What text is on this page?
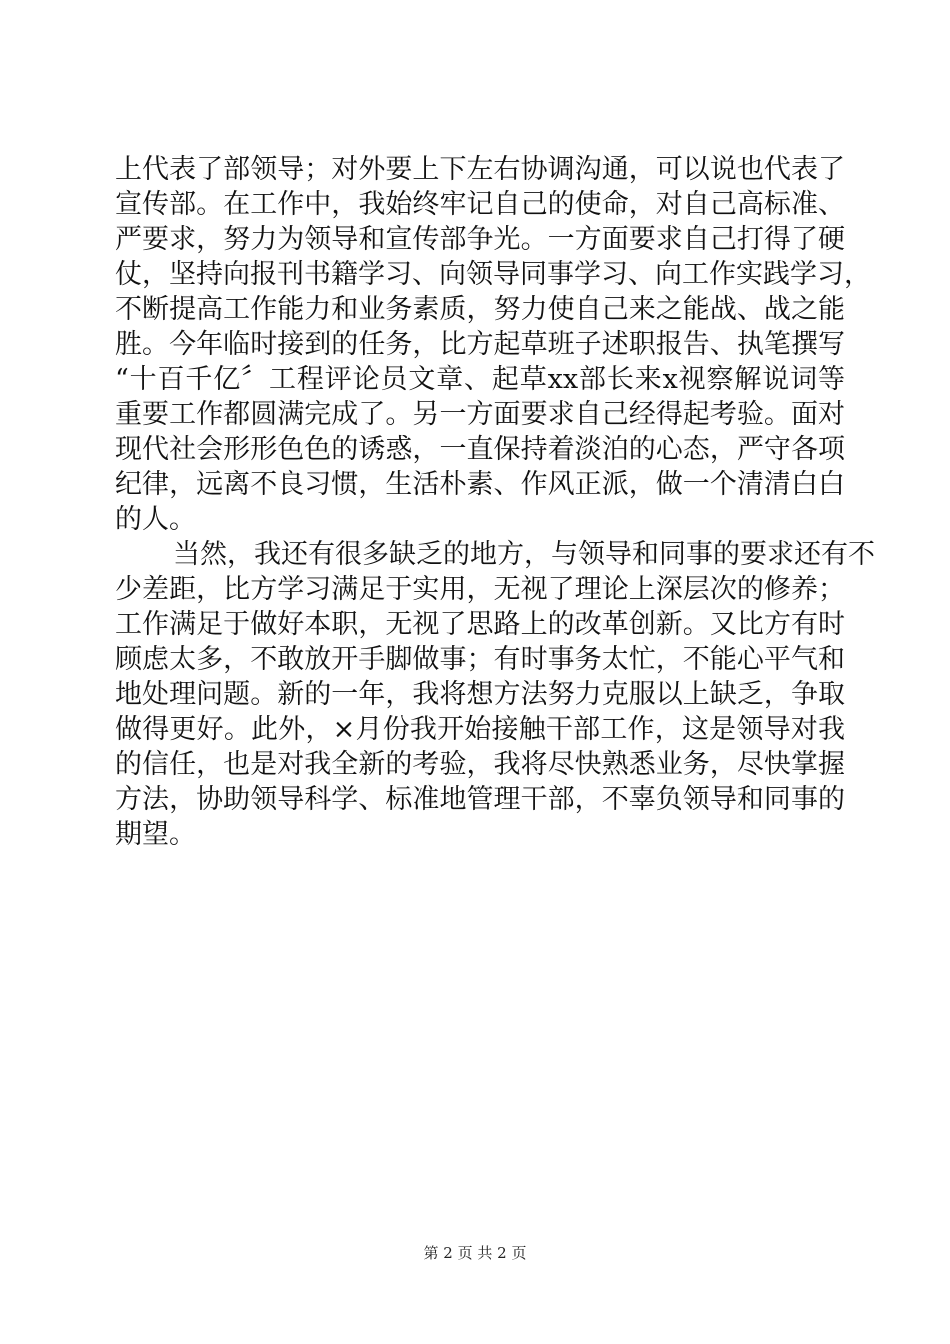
上代表了部领导；对外要上下左右协调沟通，可以说也代表了
宣传部。在工作中，我始终牢记自己的使命，对自己高标准、
严要求，努力为领导和宣传部争光。一方面要求自己打得了硬
仗，坚持向报刊书籍学习、向领导同事学习、向工作实践学习，
不断提高工作能力和业务素质，努力使自己来之能战、战之能
胜。今年临时接到的任务，比方起草班子述职报告、执笔撰写
“十百千亿〞工程评论员文章、起草xx部长来x视察解说词等
重要工作都圆满完成了。另一方面要求自己经得起考验。面对
现代社会形形色色的诱惑，一直保持着淡泊的心态，严守各项
纪律，远离不良习惯，生活朴素、作风正派，做一个清清白白
的人。
当然，我还有很多缺乏的地方，与领导和同事的要求还有不
少差距，比方学习满足于实用，无视了理论上深层次的修养；
工作满足于做好本职，无视了思路上的改革创新。又比方有时
顾虑太多，不敢放开手脚做事；有时事务太忙，不能心平气和
地处理问题。新的一年，我将想方法努力克服以上缺乏，争取
做得更好。此外，×月份我开始接触干部工作，这是领导对我
的信任，也是对我全新的考验，我将尽快熟悉业务，尽快掌握
方法，协助领导科学、标准地管理干部，不辜负领导和同事的
期望。
第 2 页 共 2 页
